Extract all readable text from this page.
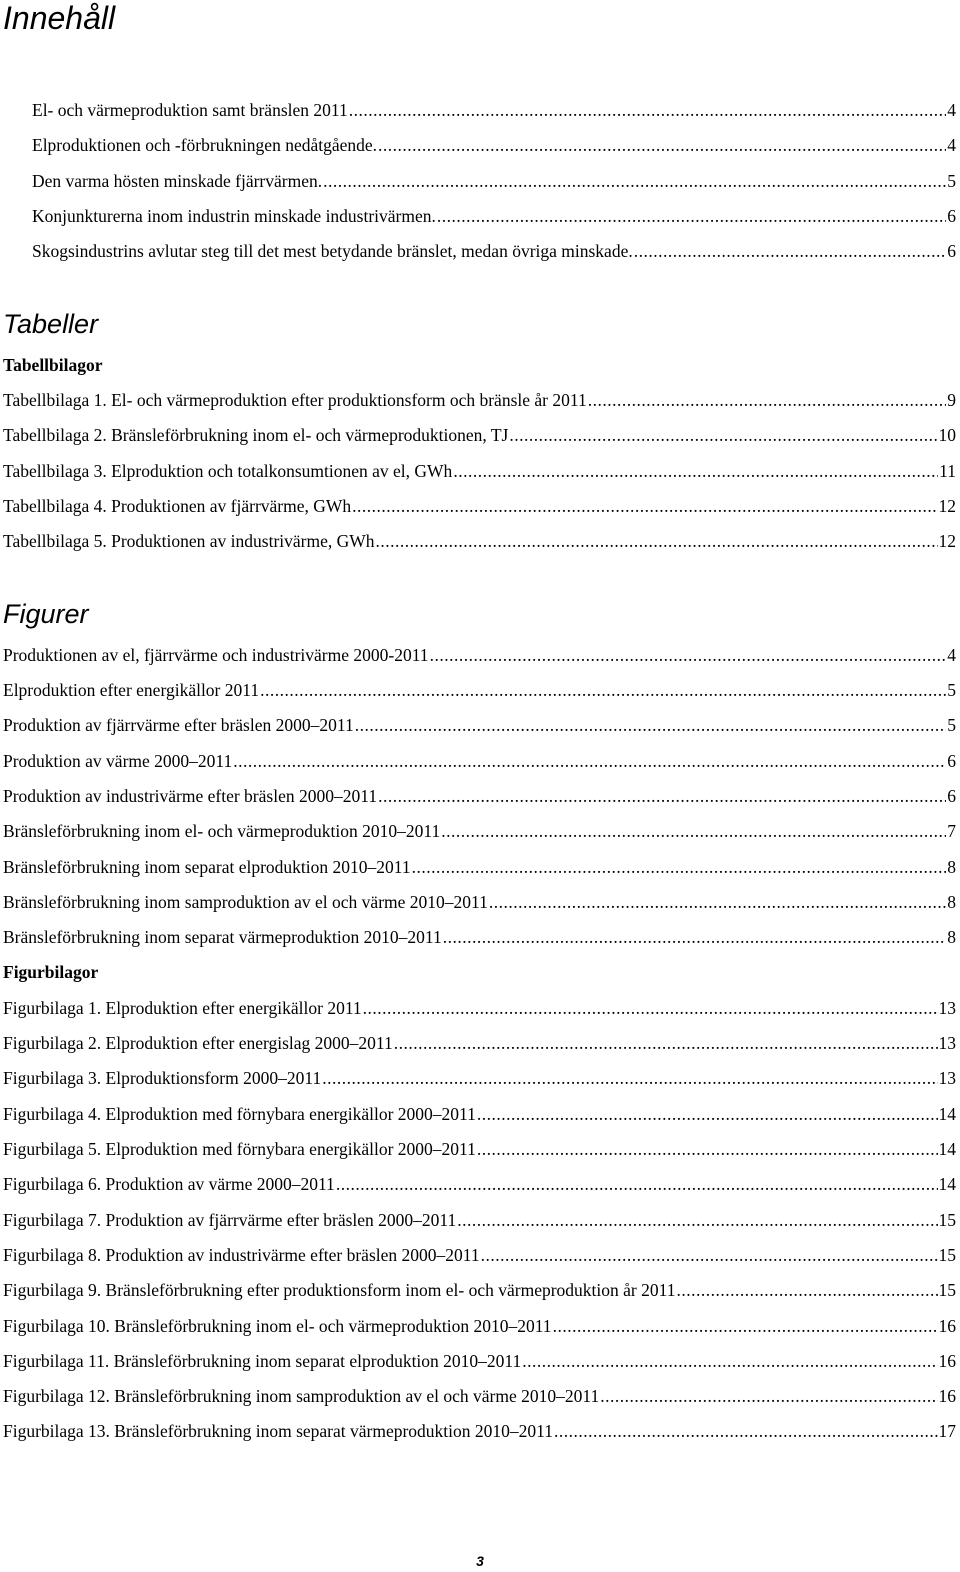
Innehåll
El- och värmeproduktion samt bränslen 2011 .....	4
Elproduktionen och -förbrukningen nedåtgående. .....	4
Den varma hösten minskade fjärrvärmen. .....	5
Konjunkturerna inom industrin minskade industrivärmen. .....	6
Skogsindustrins avlutar steg till det mest betydande bränslet, medan övriga minskade. .....	6
Tabeller
Tabellbilagor
Tabellbilaga 1. El- och värmeproduktion efter produktionsform och bränsle år 2011 .....	9
Tabellbilaga 2. Bränsleförbrukning inom el- och värmeproduktionen, TJ .....	10
Tabellbilaga 3. Elproduktion och totalkonsumtionen av el, GWh .....	11
Tabellbilaga 4. Produktionen av fjärrvärme, GWh .....	12
Tabellbilaga 5. Produktionen av industrivärme, GWh .....	12
Figurer
Produktionen av el, fjärrvärme och industrivärme 2000-2011 .....	4
Elproduktion efter energikällor 2011 .....	5
Produktion av fjärrvärme efter bräslen 2000–2011 .....	5
Produktion av värme 2000–2011 .....	6
Produktion av industrivärme efter bräslen 2000–2011 .....	6
Bränsleförbrukning inom el- och värmeproduktion 2010–2011 .....	7
Bränsleförbrukning inom separat elproduktion 2010–2011 .....	8
Bränsleförbrukning inom samproduktion av el och värme 2010–2011 .....	8
Bränsleförbrukning inom separat värmeproduktion 2010–2011 .....	8
Figurbilagor
Figurbilaga 1. Elproduktion efter energikällor 2011 .....	13
Figurbilaga 2. Elproduktion efter energislag 2000–2011 .....	13
Figurbilaga 3. Elproduktionsform 2000–2011 .....	13
Figurbilaga 4. Elproduktion med förnybara energikällor 2000–2011 .....	14
Figurbilaga 5. Elproduktion med förnybara energikällor 2000–2011 .....	14
Figurbilaga 6. Produktion av värme 2000–2011 .....	14
Figurbilaga 7. Produktion av fjärrvärme efter bräslen 2000–2011 .....	15
Figurbilaga 8. Produktion av industrivärme efter bräslen 2000–2011 .....	15
Figurbilaga 9. Bränsleförbrukning efter produktionsform inom el- och värmeproduktion år 2011 .....	15
Figurbilaga 10. Bränsleförbrukning inom el- och värmeproduktion 2010–2011 .....	16
Figurbilaga 11. Bränsleförbrukning inom separat elproduktion 2010–2011 .....	16
Figurbilaga 12. Bränsleförbrukning inom samproduktion av el och värme 2010–2011 .....	16
Figurbilaga 13. Bränsleförbrukning inom separat värmeproduktion 2010–2011 .....	17
3
